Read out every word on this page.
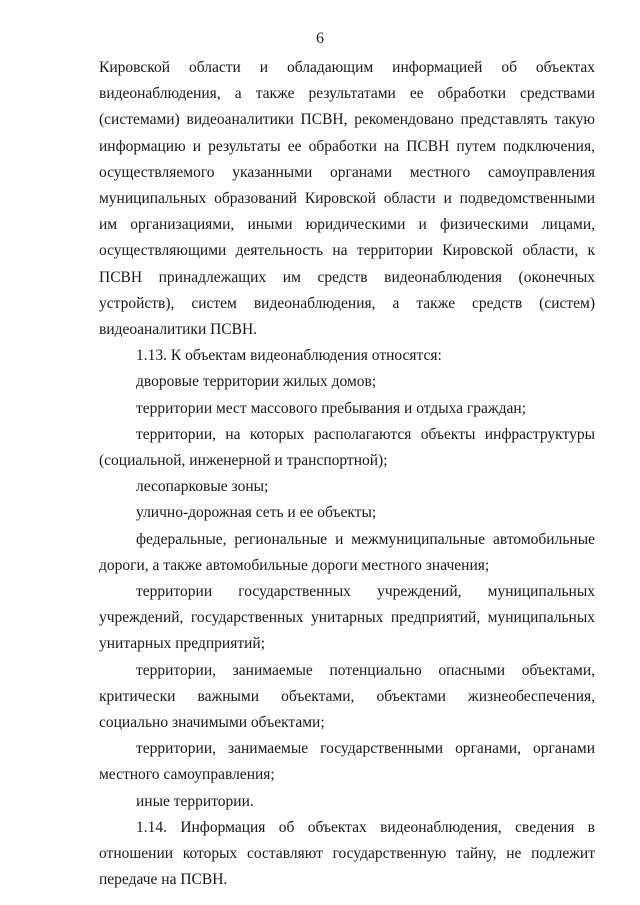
6

Кировской области и обладающим информацией об объектах видеонаблюдения, а также результатами ее обработки средствами (системами) видеоаналитики ПСВН, рекомендовано представлять такую информацию и результаты ее обработки на ПСВН путем подключения, осуществляемого указанными органами местного самоуправления муниципальных образований Кировской области и подведомственными им организациями, иными юридическими и физическими лицами, осуществляющими деятельность на территории Кировской области, к ПСВН принадлежащих им средств видеонаблюдения (оконечных устройств), систем видеонаблюдения, а также средств (систем) видеоаналитики ПСВН.

1.13. К объектам видеонаблюдения относятся:

дворовые территории жилых домов;

территории мест массового пребывания и отдыха граждан;

территории, на которых располагаются объекты инфраструктуры (социальной, инженерной и транспортной);

лесопарковые зоны;

улично-дорожная сеть и ее объекты;

федеральные, региональные и межмуниципальные автомобильные дороги, а также автомобильные дороги местного значения;

территории государственных учреждений, муниципальных учреждений, государственных унитарных предприятий, муниципальных унитарных предприятий;

территории, занимаемые потенциально опасными объектами, критически важными объектами, объектами жизнеобеспечения, социально значимыми объектами;

территории, занимаемые государственными органами, органами местного самоуправления;

иные территории.

1.14. Информация об объектах видеонаблюдения, сведения в отношении которых составляют государственную тайну, не подлежит передаче на ПСВН.
